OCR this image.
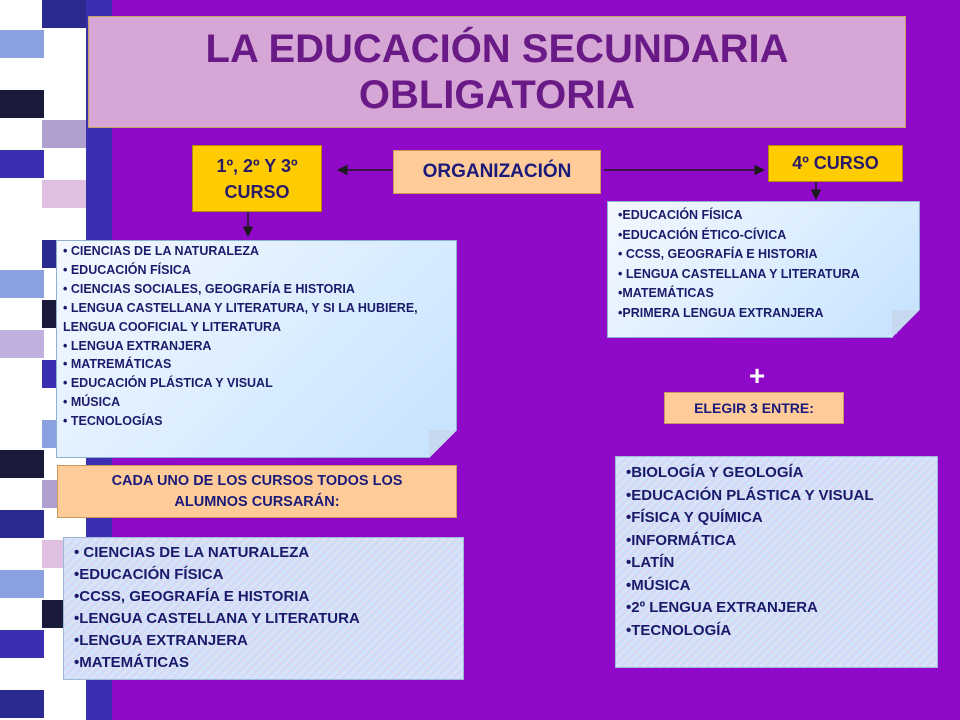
LA EDUCACIÓN SECUNDARIA
OBLIGATORIA
1º, 2º Y 3º
CURSO
ORGANIZACIÓN	4º CURSO
• CIENCIAS DE LA NATURALEZA
• EDUCACIÓN FÍSICA
• CIENCIAS SOCIALES, GEOGRAFÍA E HISTORIA
• LENGUA CASTELLANA Y LITERATURA, Y SI LA HUBIERE, LENGUA COOFICIAL Y LITERATURA
• LENGUA EXTRANJERA
• MATREMÁTICAS
• EDUCACIÓN PLÁSTICA Y VISUAL
• MÚSICA
• TECNOLOGÍAS
•EDUCACIÓN FÍSICA
•EDUCACIÓN ÉTICO-CÍVICA
• CCSS, GEOGRAFÍA E HISTORIA
• LENGUA CASTELLANA Y LITERATURA
•MATEMÁTICAS
•PRIMERA LENGUA EXTRANJERA
+
ELEGIR 3 ENTRE:
CADA UNO DE LOS CURSOS TODOS LOS
ALUMNOS CURSARÁN:
•BIOLOGÍA Y GEOLOGÍA
•EDUCACIÓN PLÁSTICA Y VISUAL
•FÍSICA Y QUÍMICA
•INFORMÁTICA
•LATÍN
•MÚSICA
•2º LENGUA EXTRANJERA
•TECNOLOGÍA
• CIENCIAS DE LA NATURALEZA
•EDUCACIÓN FÍSICA
•CCSS, GEOGRAFÍA E HISTORIA
•LENGUA CASTELLANA Y LITERATURA
•LENGUA EXTRANJERA
•MATEMÁTICAS
